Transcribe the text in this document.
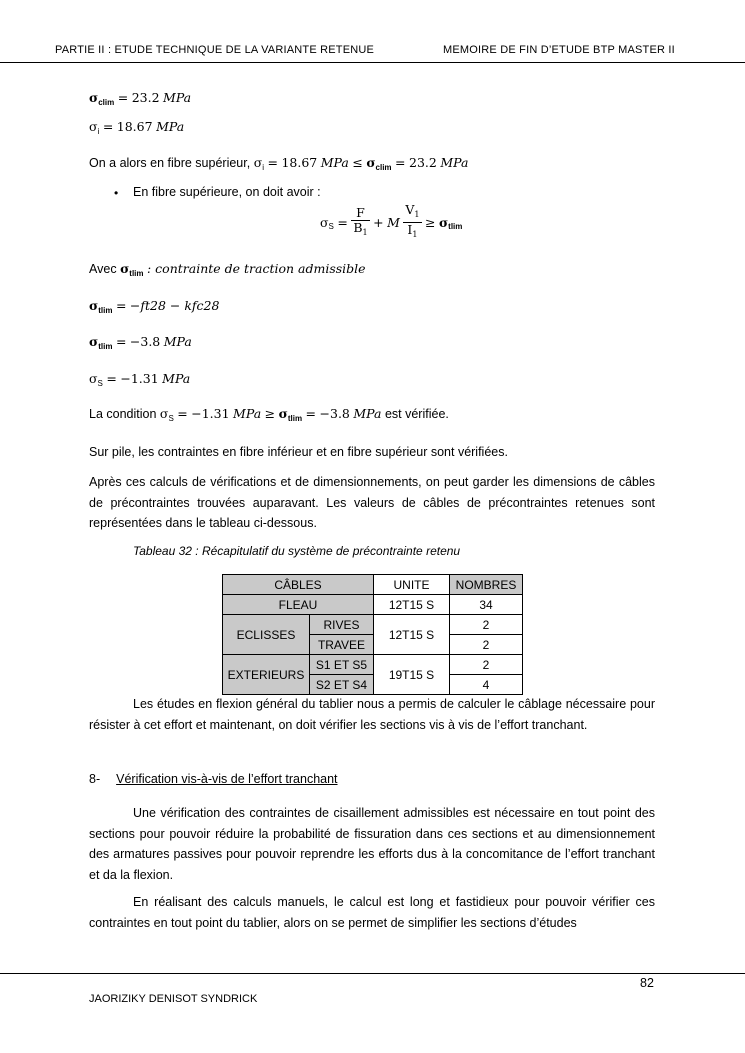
PARTIE II : ETUDE TECHNIQUE DE LA VARIANTE RETENUE	MEMOIRE DE FIN D’ETUDE BTP MASTER II
$\sigma_{clim} = 23.2$ MPa
$\sigma_i = 18.67$ MPa
On a alors en fibre supérieur, $\sigma_i = 18.67$ MPa ≤ $\sigma_{clim} = 23.2$ MPa
• En fibre supérieure, on doit avoir :
$\sigma_S = \frac{F}{B_1} + M \frac{V_1}{I_1} \ge \sigma_{tlim}$
Avec $\sigma_{tlim}$ : contrainte de traction admissible
$\sigma_{tlim} = -ft28 - kfc28$
$\sigma_{tlim} = -3.8$ MPa
$\sigma_S = -1.31$ MPa
La condition $\sigma_S = -1.31$ MPa ≥ $\sigma_{tlim} = -3.8$ MPa est vérifiée.
Sur pile, les contraintes en fibre inférieur et en fibre supérieur sont vérifiées.
Après ces calculs de vérifications et de dimensionnements, on peut garder les dimensions de câbles de précontraintes trouvées auparavant. Les valeurs de câbles de précontraintes retenues sont représentées dans le tableau ci-dessous.
Tableau 32 : Récapitulatif du système de précontrainte retenu
CÂBLES		UNITE	NOMBRES
FLEAU		12T15 S	34
ECLISSES	RIVES	12T15 S	2
	TRAVEE		2
EXTERIEURS	S1 ET S5	19T15 S	2
	S2 ET S4		4
Les études en flexion général du tablier nous a permis de calculer le câblage nécessaire pour résister à cet effort et maintenant, on doit vérifier les sections vis à vis de l’effort tranchant.
8- Vérification vis-à-vis de l’effort tranchant
Une vérification des contraintes de cisaillement admissibles est nécessaire en tout point des sections pour pouvoir réduire la probabilité de fissuration dans ces sections et au dimensionnement des armatures passives pour pouvoir reprendre les efforts dus à la concomitance de l’effort tranchant et da la flexion.
En réalisant des calculs manuels, le calcul est long et fastidieux pour pouvoir vérifier ces contraintes en tout point du tablier, alors on se permet de simplifier les sections d’études
82
JAORIZIKY DENISOT SYNDRICK
